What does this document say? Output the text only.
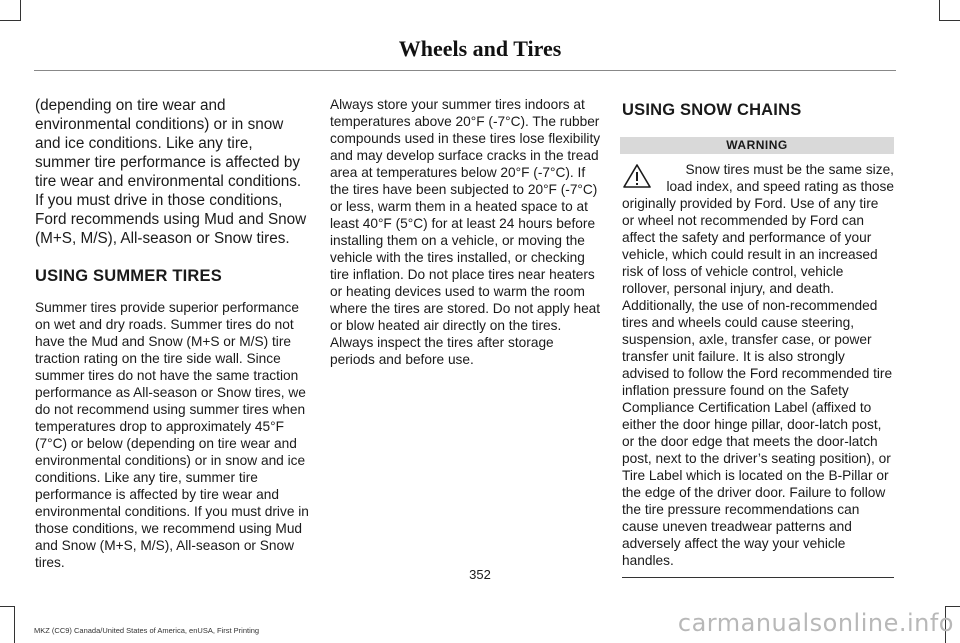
Wheels and Tires

(depending on tire wear and environmental conditions) or in snow and ice conditions. Like any tire, summer tire performance is affected by tire wear and environmental conditions. If you must drive in those conditions, Ford recommends using Mud and Snow (M+S, M/S), All-season or Snow tires.

USING SUMMER TIRES

Summer tires provide superior performance on wet and dry roads. Summer tires do not have the Mud and Snow (M+S or M/S) tire traction rating on the tire side wall. Since summer tires do not have the same traction performance as All-season or Snow tires, we do not recommend using summer tires when temperatures drop to approximately 45°F (7°C) or below (depending on tire wear and environmental conditions) or in snow and ice conditions. Like any tire, summer tire performance is affected by tire wear and environmental conditions. If you must drive in those conditions, we recommend using Mud and Snow (M+S, M/S), All-season or Snow tires.

Always store your summer tires indoors at temperatures above 20°F (-7°C). The rubber compounds used in these tires lose flexibility and may develop surface cracks in the tread area at temperatures below 20°F (-7°C). If the tires have been subjected to 20°F (-7°C) or less, warm them in a heated space to at least 40°F (5°C) for at least 24 hours before installing them on a vehicle, or moving the vehicle with the tires installed, or checking tire inflation. Do not place tires near heaters or heating devices used to warm the room where the tires are stored. Do not apply heat or blow heated air directly on the tires. Always inspect the tires after storage periods and before use.

USING SNOW CHAINS
WARNING
Snow tires must be the same size, load index, and speed rating as those

originally provided by Ford. Use of any tire or wheel not recommended by Ford can affect the safety and performance of your vehicle, which could result in an increased risk of loss of vehicle control, vehicle rollover, personal injury, and death. Additionally, the use of non-recommended tires and wheels could cause steering, suspension, axle, transfer case, or power transfer unit failure. It is also strongly advised to follow the Ford recommended tire inflation pressure found on the Safety Compliance Certification Label (affixed to either the door hinge pillar, door-latch post, or the door edge that meets the door-latch post, next to the driver’s seating position), or Tire Label which is located on the B-Pillar or the edge of the driver door. Failure to follow the tire pressure recommendations can cause uneven treadwear patterns and adversely affect the way your vehicle handles.

352
MKZ (CC9) Canada/United States of America, enUSA, First Printing	carmanualsonline.info
